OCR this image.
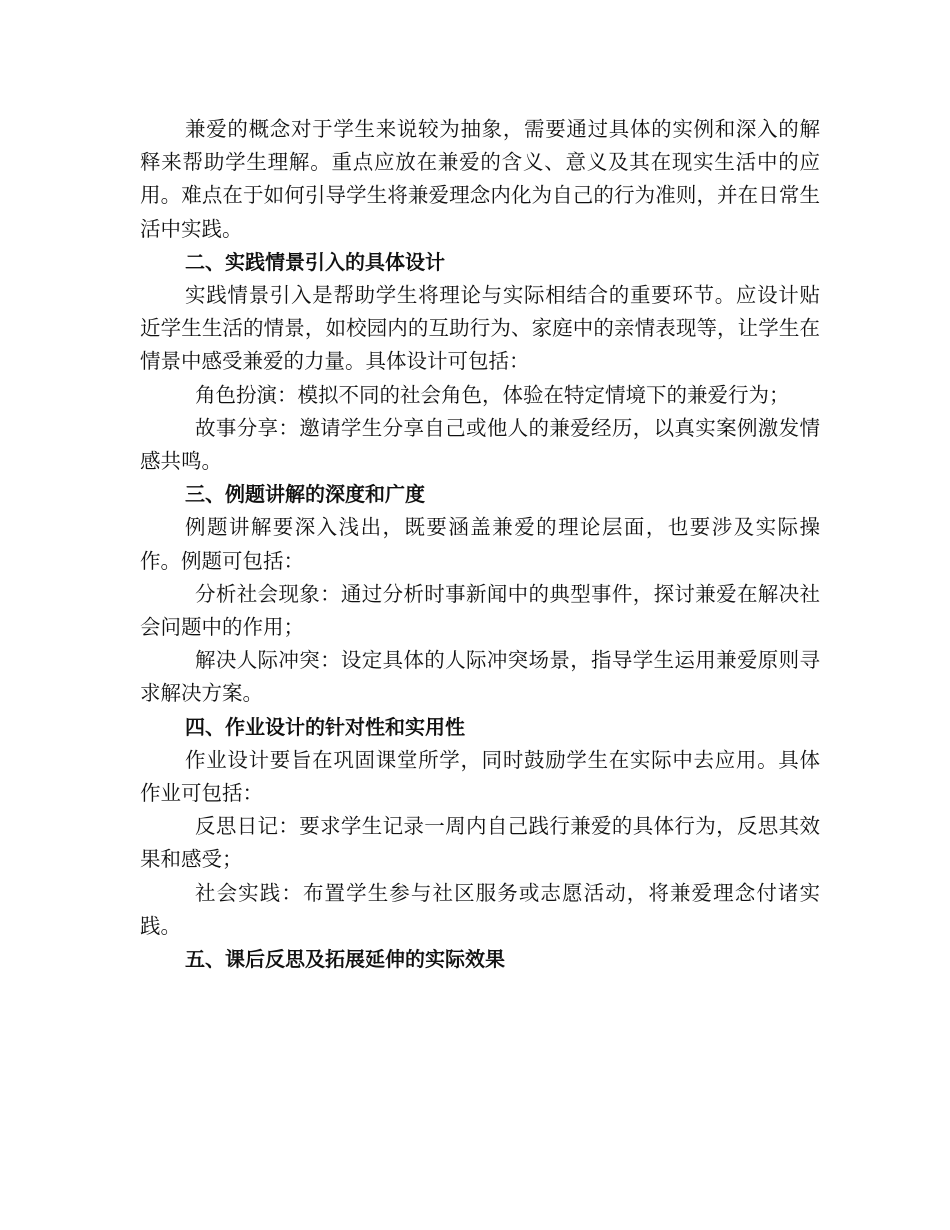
兼爱的概念对于学生来说较为抽象，需要通过具体的实例和深入的解释来帮助学生理解。重点应放在兼爱的含义、意义及其在现实生活中的应用。难点在于如何引导学生将兼爱理念内化为自己的行为准则，并在日常生活中实践。

二、实践情景引入的具体设计

实践情景引入是帮助学生将理论与实际相结合的重要环节。应设计贴近学生生活的情景，如校园内的互助行为、家庭中的亲情表现等，让学生在情景中感受兼爱的力量。具体设计可包括：

角色扮演：模拟不同的社会角色，体验在特定情境下的兼爱行为；

故事分享：邀请学生分享自己或他人的兼爱经历，以真实案例激发情感共鸣。

三、例题讲解的深度和广度

例题讲解要深入浅出，既要涵盖兼爱的理论层面，也要涉及实际操作。例题可包括：

分析社会现象：通过分析时事新闻中的典型事件，探讨兼爱在解决社会问题中的作用；

解决人际冲突：设定具体的人际冲突场景，指导学生运用兼爱原则寻求解决方案。

四、作业设计的针对性和实用性

作业设计要旨在巩固课堂所学，同时鼓励学生在实际中去应用。具体作业可包括：

反思日记：要求学生记录一周内自己践行兼爱的具体行为，反思其效果和感受；

社会实践：布置学生参与社区服务或志愿活动，将兼爱理念付诸实践。

五、课后反思及拓展延伸的实际效果
